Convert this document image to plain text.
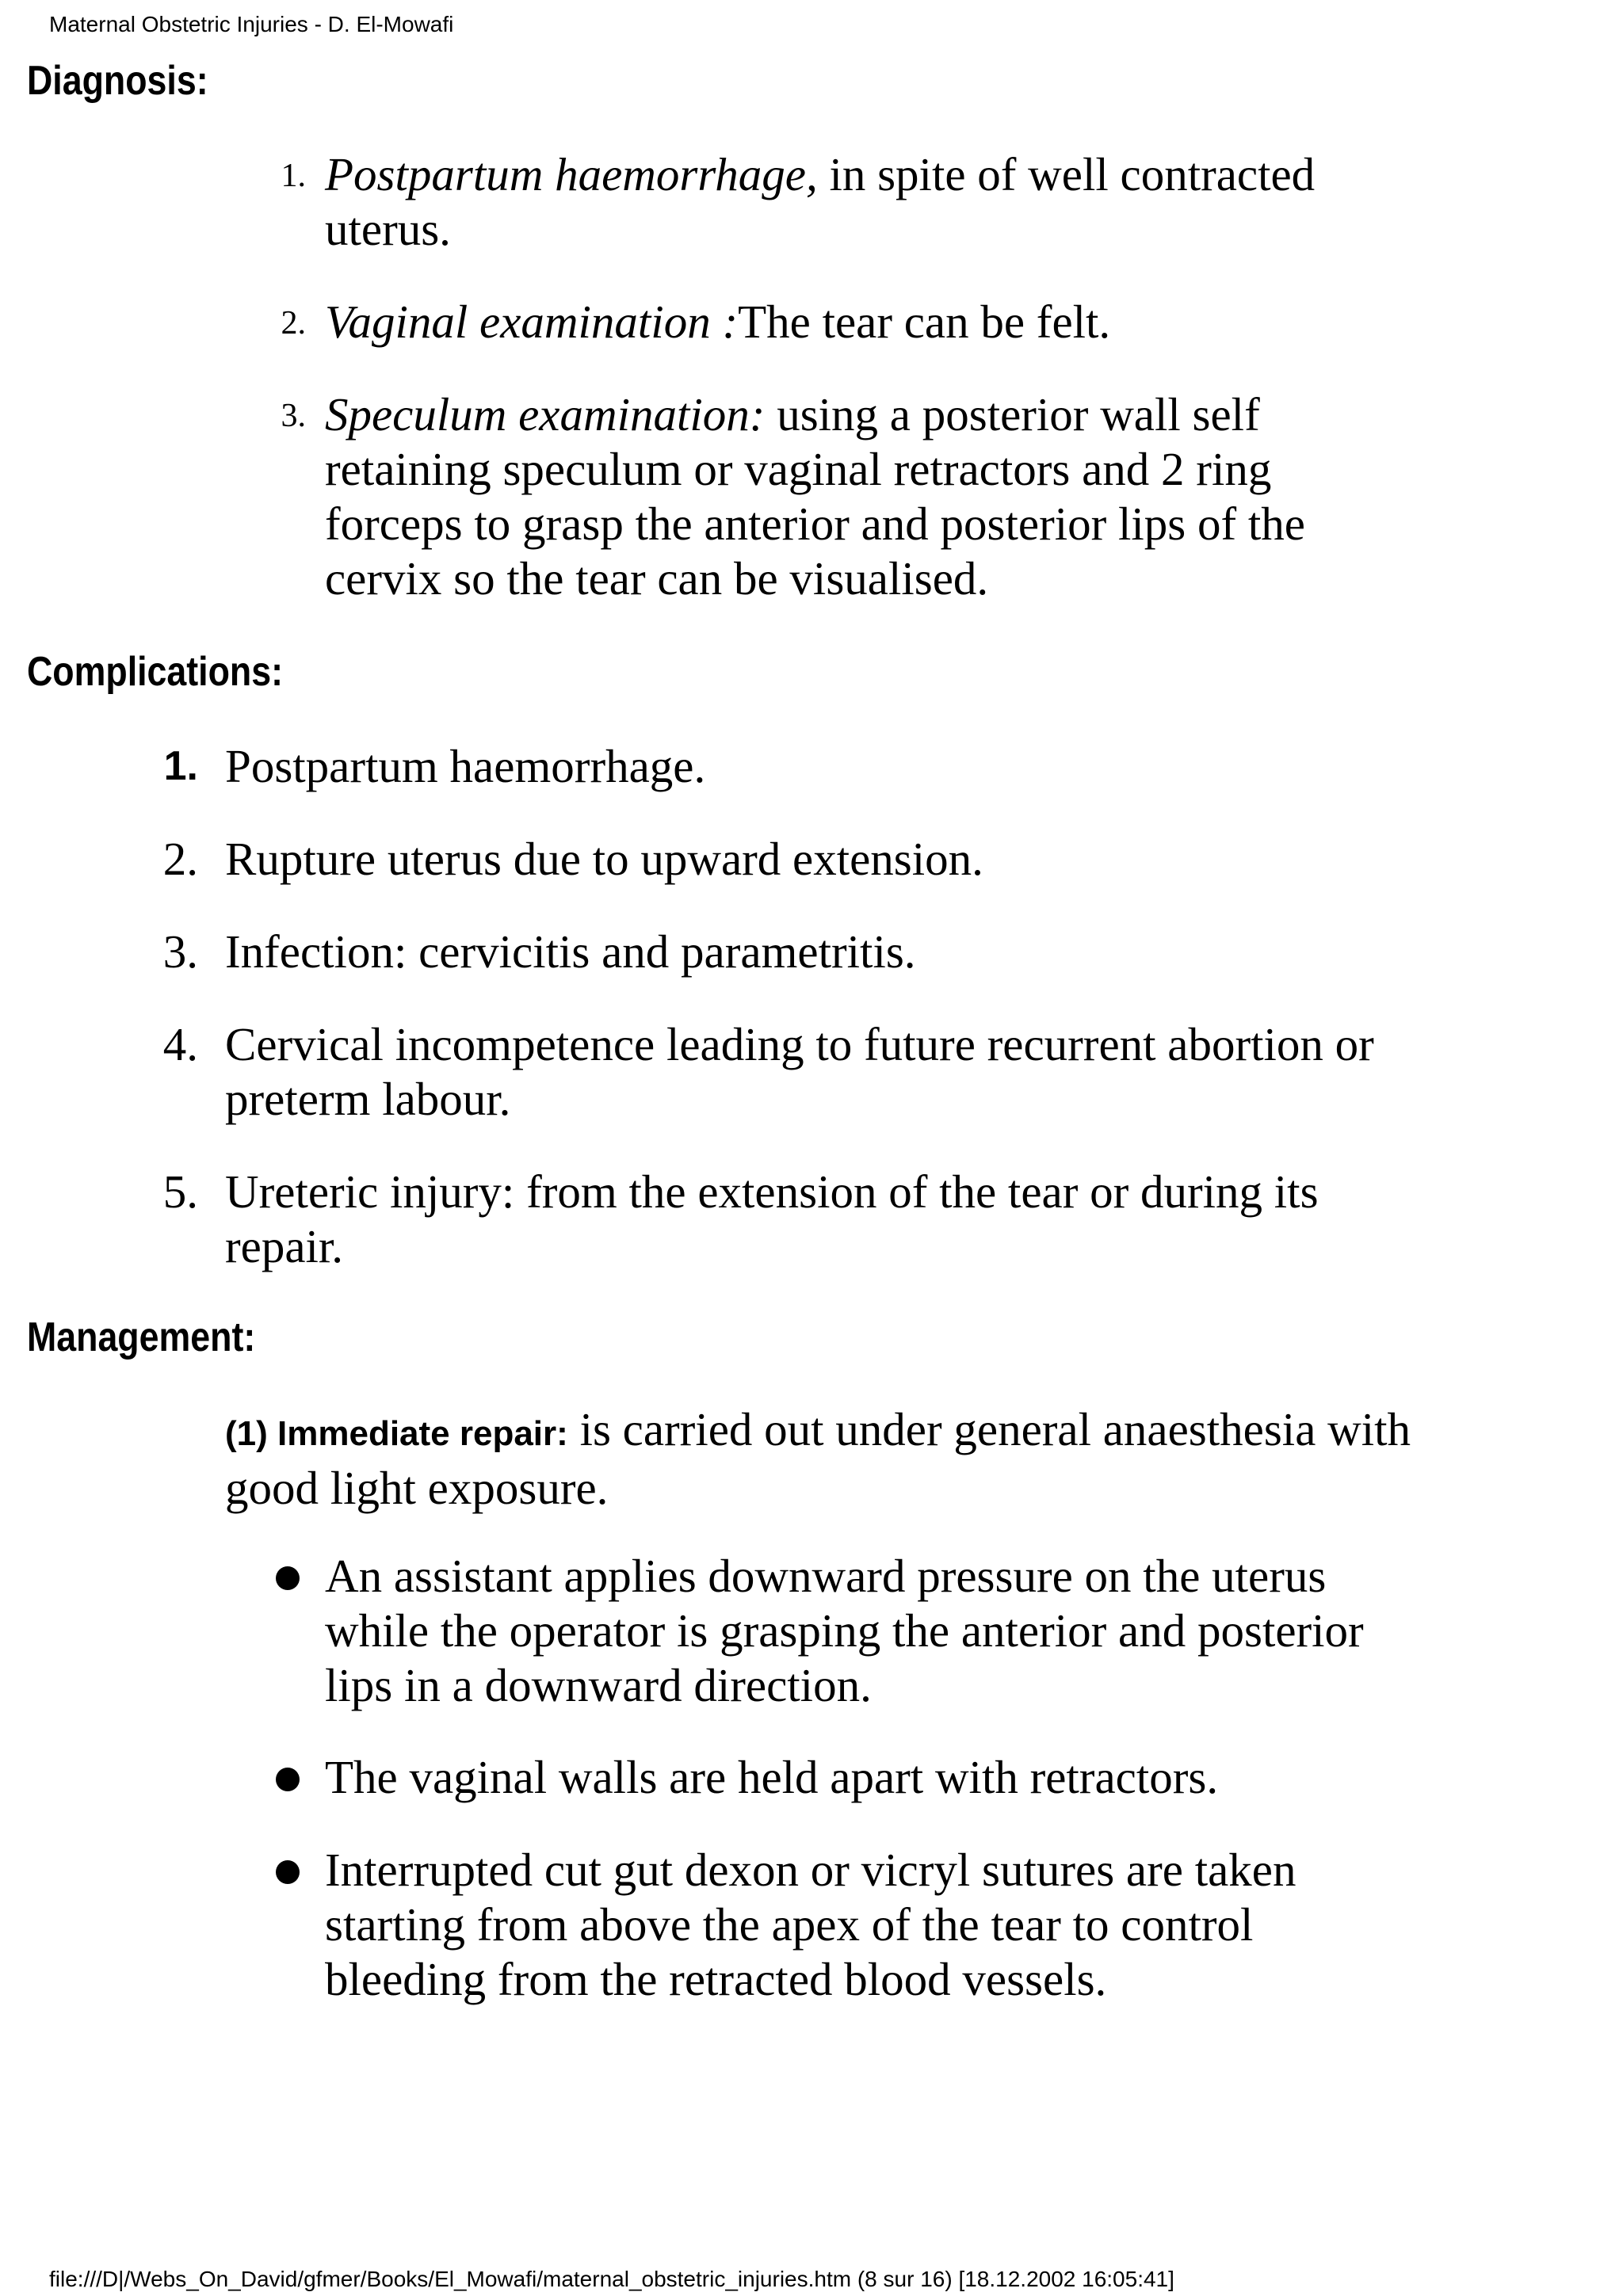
Maternal Obstetric Injuries - D. El-Mowafi
Diagnosis:
1. Postpartum haemorrhage, in spite of well contracted uterus.
2. Vaginal examination :The tear can be felt.
3. Speculum examination: using a posterior wall self retaining speculum or vaginal retractors and 2 ring forceps to grasp the anterior and posterior lips of the cervix so the tear can be visualised.
Complications:
1. Postpartum haemorrhage.
2. Rupture uterus due to upward extension.
3. Infection: cervicitis and parametritis.
4. Cervical incompetence leading to future recurrent abortion or preterm labour.
5. Ureteric injury: from the extension of the tear or during its repair.
Management:
(1) Immediate repair: is carried out under general anaesthesia with good light exposure.
An assistant applies downward pressure on the uterus while the operator is grasping the anterior and posterior lips in a downward direction.
The vaginal walls are held apart with retractors.
Interrupted cut gut dexon or vicryl sutures are taken starting from above the apex of the tear to control bleeding from the retracted blood vessels.
file:///D|/Webs_On_David/gfmer/Books/El_Mowafi/maternal_obstetric_injuries.htm (8 sur 16) [18.12.2002 16:05:41]
